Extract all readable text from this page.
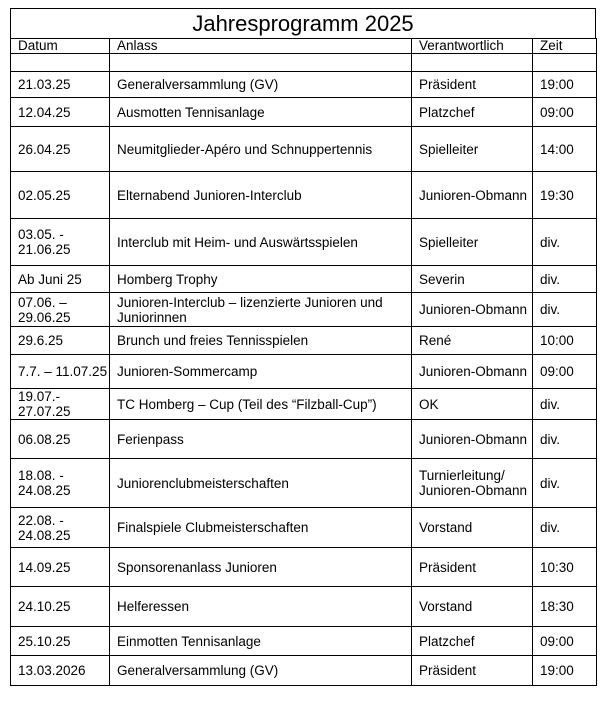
Jahresprogramm 2025
Datum	Anlass	Verantwortlich	Zeit

21.03.25	Generalversammlung (GV)	Präsident	19:00
12.04.25	Ausmotten Tennisanlage	Platzchef	09:00
26.04.25	Neumitglieder-Apéro und Schnuppertennis	Spielleiter	14:00
02.05.25	Elternabend Junioren-Interclub	Junioren-Obmann	19:30
03.05. - 21.06.25	Interclub mit Heim- und Auswärtsspielen	Spielleiter	div.
Ab Juni 25	Homberg Trophy	Severin	div.
07.06. – 29.06.25	Junioren-Interclub – lizenzierte Junioren und Juniorinnen	Junioren-Obmann	div.
29.6.25	Brunch und freies Tennisspielen	René	10:00
7.7. – 11.07.25	Junioren-Sommercamp	Junioren-Obmann	09:00
19.07.- 27.07.25	TC Homberg – Cup (Teil des “Filzball-Cup”)	OK	div.
06.08.25	Ferienpass	Junioren-Obmann	div.
18.08. - 24.08.25	Juniorenclubmeisterschaften	Turnierleitung/ Junioren-Obmann	div.
22.08. - 24.08.25	Finalspiele Clubmeisterschaften	Vorstand	div.
14.09.25	Sponsorenanlass Junioren	Präsident	10:30
24.10.25	Helferessen	Vorstand	18:30
25.10.25	Einmotten Tennisanlage	Platzchef	09:00
13.03.2026	Generalversammlung (GV)	Präsident	19:00
